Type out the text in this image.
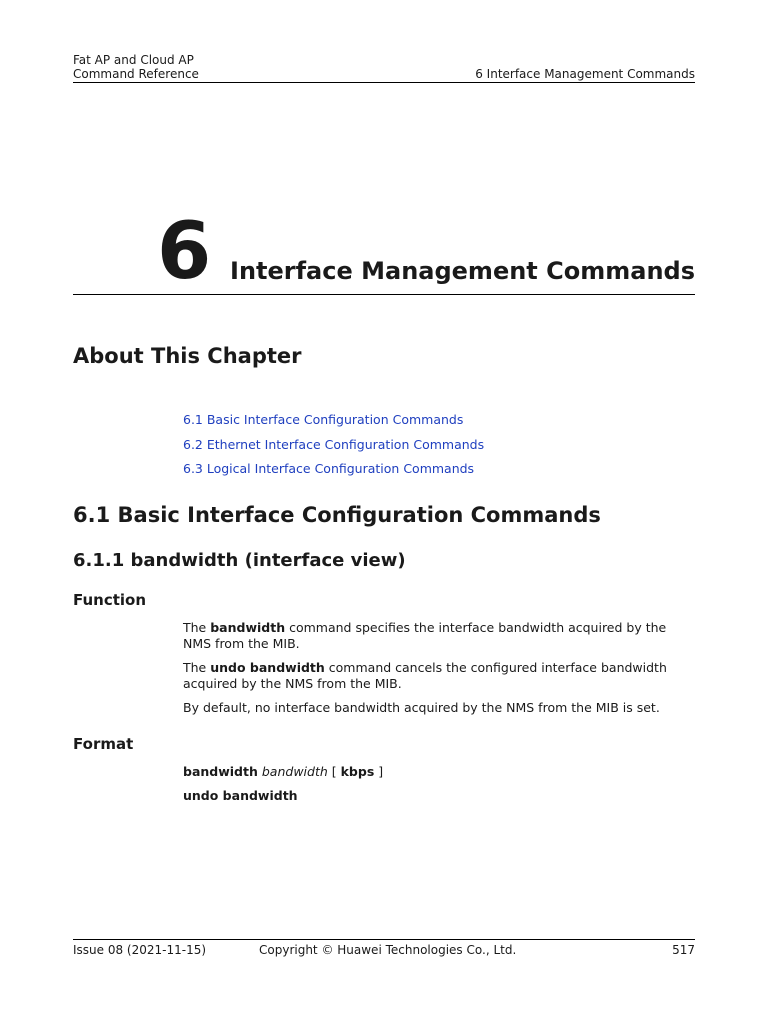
Fat AP and Cloud AP
Command Reference	6 Interface Management Commands
6 Interface Management Commands
About This Chapter
6.1 Basic Interface Configuration Commands
6.2 Ethernet Interface Configuration Commands
6.3 Logical Interface Configuration Commands
6.1 Basic Interface Configuration Commands
6.1.1 bandwidth (interface view)
Function
The bandwidth command specifies the interface bandwidth acquired by the NMS from the MIB.
The undo bandwidth command cancels the configured interface bandwidth acquired by the NMS from the MIB.
By default, no interface bandwidth acquired by the NMS from the MIB is set.
Format
bandwidth bandwidth [ kbps ]
undo bandwidth
Issue 08 (2021-11-15)	Copyright © Huawei Technologies Co., Ltd.	517
